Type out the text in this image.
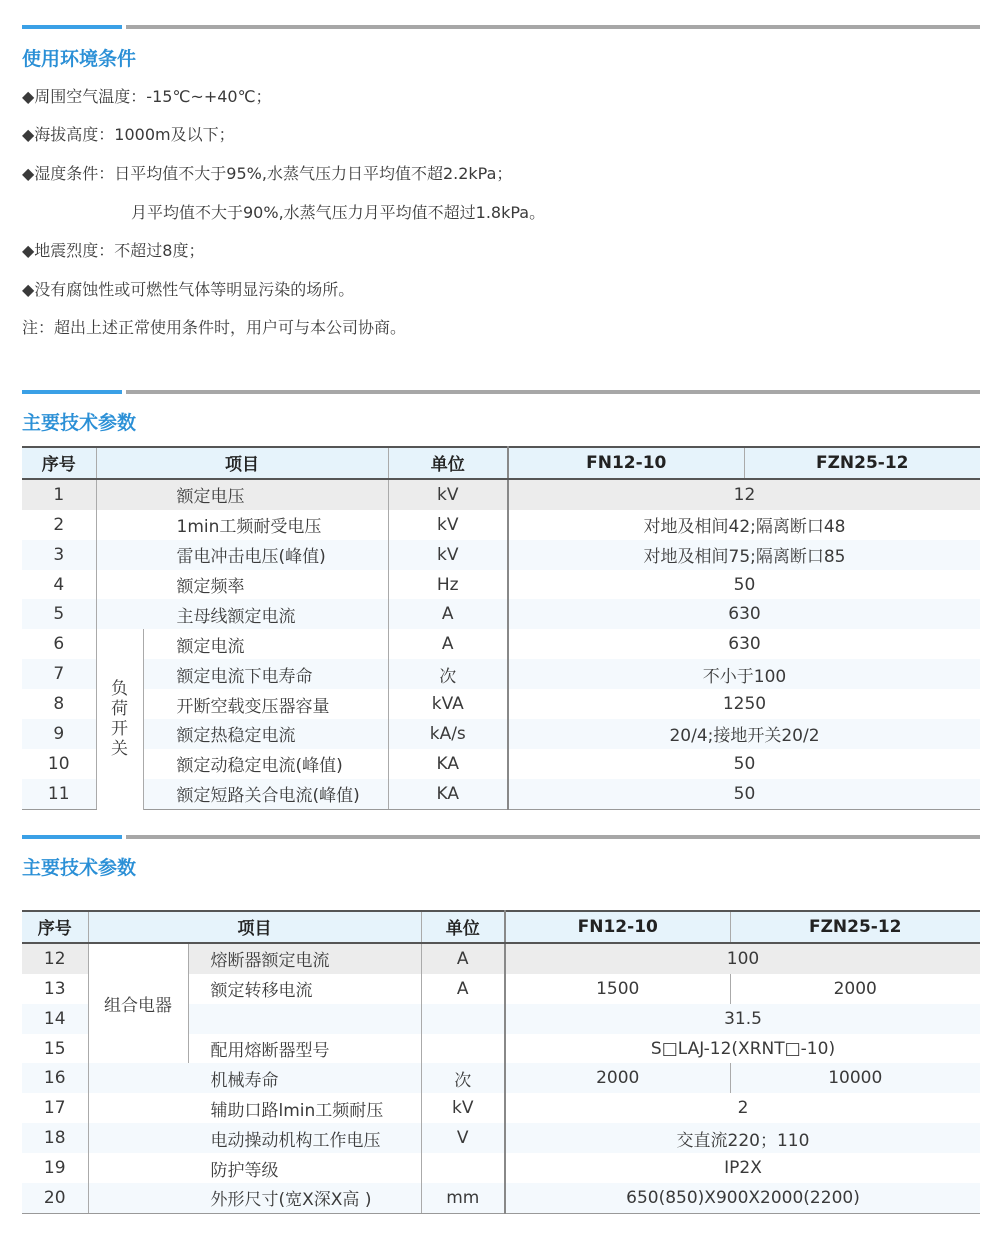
使用环境条件
◆周围空气温度：-15℃~+40℃；
◆海拔高度：1000m及以下；
◆湿度条件：日平均值不大于95%,水蒸气压力日平均值不超2.2kPa；
月平均值不大于90%,水蒸气压力月平均值不超过1.8kPa。
◆地震烈度：不超过8度；
◆没有腐蚀性或可燃性气体等明显污染的场所。
注：超出上述正常使用条件时，用户可与本公司协商。
主要技术参数
序号	项目		单位	FN12-10	FZN25-12
1	额定电压		kV	12	
2	1min工频耐受电压		kV	对地及相间42;隔离断口48	
3	雷电冲击电压(峰值)		kV	对地及相间75;隔离断口85	
4	额定频率		Hz	50	
5	主母线额定电流		A	630	
6	负荷开关	额定电流	A	630	
7		额定电流下电寿命	次	不小于100	
8		开断空载变压器容量	kVA	1250	
9		额定热稳定电流	kA/s	20/4;接地开关20/2	
10		额定动稳定电流(峰值)	KA	50	
11		额定短路关合电流(峰值)	KA	50	
主要技术参数
序号	项目		单位	FN12-10	FZN25-12
12	组合电器	熔断器额定电流	A	100	
13		额定转移电流	A	1500	2000
14				31.5	
15		配用熔断器型号		S□LAJ-12(XRNT□-10)	
16	机械寿命		次	2000	10000
17	辅助口路lmin工频耐压		kV	2	
18	电动操动机构工作电压		V	交直流220；110	
19	防护等级			IP2X	
20	外形尺寸(宽X深X高 )		mm	650(850)X900X2000(2200)	
